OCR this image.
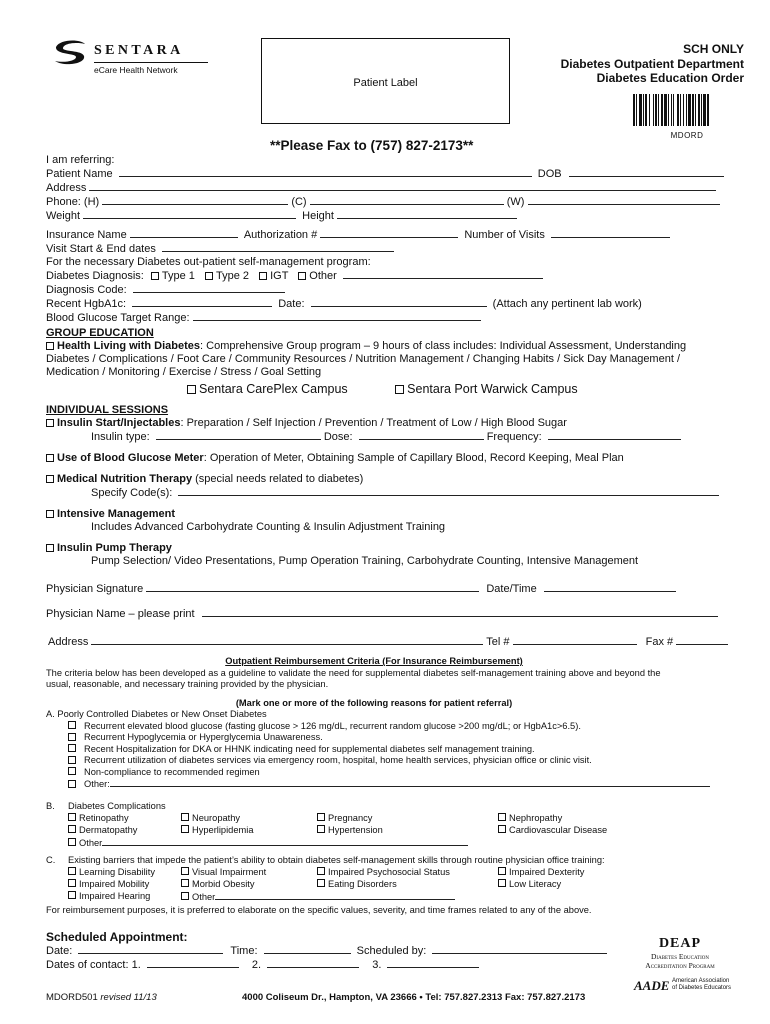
SENTARA
eCare Health Network
Patient Label
SCH ONLY
Diabetes Outpatient Department
Diabetes Education Order
MDORD
**Please Fax to (757) 827-2173**
I am referring:
Patient Name	DOB
Address
Phone: (H)	(C)	(W)
Weight	Height
Insurance Name	Authorization #	Number of Visits
Visit Start & End dates
For the necessary Diabetes out-patient self-management program:
Diabetes Diagnosis: Type 1 Type 2 IGT Other
Diagnosis Code:
Recent HgbA1c:	Date:	(Attach any pertinent lab work)
Blood Glucose Target Range:
GROUP EDUCATION
Health Living with Diabetes: Comprehensive Group program – 9 hours of class includes: Individual Assessment, Understanding
Diabetes / Complications / Foot Care / Community Resources / Nutrition Management / Changing Habits / Sick Day Management /
Medication / Monitoring / Exercise / Stress / Goal Setting
Sentara CarePlex Campus	Sentara Port Warwick Campus
INDIVIDUAL SESSIONS
Insulin Start/Injectables: Preparation / Self Injection / Prevention / Treatment of Low / High Blood Sugar
Insulin type:	Dose:	Frequency:
Use of Blood Glucose Meter: Operation of Meter, Obtaining Sample of Capillary Blood, Record Keeping, Meal Plan
Medical Nutrition Therapy (special needs related to diabetes)
Specify Code(s):
Intensive Management
Includes Advanced Carbohydrate Counting & Insulin Adjustment Training
Insulin Pump Therapy
Pump Selection/ Video Presentations, Pump Operation Training, Carbohydrate Counting, Intensive Management
Physician Signature	Date/Time
Physician Name – please print
Address	Tel #	Fax #
Outpatient Reimbursement Criteria (For Insurance Reimbursement)
The criteria below has been developed as a guideline to validate the need for supplemental diabetes self-management training above and beyond the
usual, reasonable, and necessary training provided by the physician.
(Mark one or more of the following reasons for patient referral)
A. Poorly Controlled Diabetes or New Onset Diabetes
Recurrent elevated blood glucose (fasting glucose > 126 mg/dL, recurrent random glucose >200 mg/dL; or HgbA1c>6.5).
Recurrent Hypoglycemia or Hyperglycemia Unawareness.
Recent Hospitalization for DKA or HHNK indicating need for supplemental diabetes self management training.
Recurrent utilization of diabetes services via emergency room, hospital, home health services, physician office or clinic visit.
Non-compliance to recommended regimen
Other:
B. Diabetes Complications
Retinopathy	Neuropathy	Pregnancy	Nephropathy
Dermatopathy	Hyperlipidemia	Hypertension	Cardiovascular Disease
Other
C. Existing barriers that impede the patient’s ability to obtain diabetes self-management skills through routine physician office training:
Learning Disability	Visual Impairment	Impaired Psychosocial Status	Impaired Dexterity
Impaired Mobility	Morbid Obesity	Eating Disorders	Low Literacy
Impaired Hearing	Other
For reimbursement purposes, it is preferred to elaborate on the specific values, severity, and time frames related to any of the above.
Scheduled Appointment:
Date:	Time:	Scheduled by:
Dates of contact: 1.	2.	3.
DEAP
Diabetes Education
Accreditation Program
AADE American Association
of Diabetes Educators
MDORD501 revised 11/13	4000 Coliseum Dr., Hampton, VA 23666 • Tel: 757.827.2313 Fax: 757.827.2173
